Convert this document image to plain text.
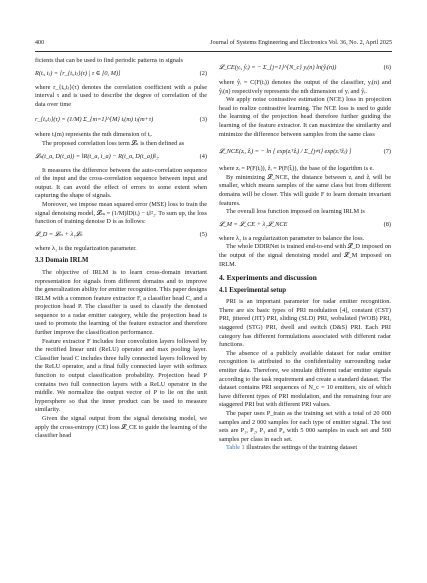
400	Journal of Systems Engineering and Electronics Vol. 36, No. 2, April 2025

ficients that can be used to find periodic patterns in signals

R(tᵢ, tⱼ) = [r_{tᵢ,tⱼ}(τ) | τ ∈ [0, M)]	(2)

where r_{tᵢ,tⱼ}(τ) denotes the correlation coefficient with a pulse interval τ and is used to describe the degree of correlation of the data over time

r_{tᵢ,tⱼ}(τ) = (1/M) Σ_{m=1}^{M} tᵢ(m) tⱼ(m+τ)	(3)

where tᵢ(m) represents the mth dimension of tᵢ.

The proposed correlation loss term 𝓛ₙ is then defined as

𝓛ₙ(t_a, D(t_a)) = ‖R(t_a, t_a) − R(t_a, D(t_a))‖₂.	(4)

It measures the difference between the auto-correlation sequence of the input and the cross-correlation sequence between input and output. It can avoid the effect of errors to some extent when capturing the shape of signals.

Moreover, we impose mean squared error (MSE) loss to train the signal denoising model, 𝓛ₘ = (1/M)‖D(tᵢ) − tᵢ‖²₂. To sum up, the loss function of training denoise D is as follows:

𝓛_D = 𝓛ₘ + λ₁𝓛ₙ	(5)

where λ₁ is the regularization parameter.

3.3 Domain IRLM

The objective of IRLM is to learn cross-domain invariant representation for signals from different domains and to improve the generalization ability for emitter recognition. This paper designs IRLM with a common feature extractor F, a classifier head C, and a projection head P. The classifier is used to classify the denoised sequence to a radar emitter category, while the projection head is used to promote the learning of the feature extractor and therefore further improve the classification performance.

Feature extractor F includes four convolution layers followed by the rectified linear unit (ReLU) operator and max pooling layer. Classifier head C includes three fully connected layers followed by the ReLU operator, and a final fully connected layer with softmax function to output classification probability. Projection head P contains two full connection layers with a ReLU operator in the middle. We normalize the output vector of P to lie on the unit hypersphere so that the inner product can be used to measure similarity.

Given the signal output from the signal denoising model, we apply the cross-entropy (CE) loss 𝓛_CE to guide the learning of the classifier head

𝓛_CE(yᵢ, ŷᵢ) = − Σ_{j=1}^{N_c} yᵢ(n) ln(ŷᵢ(n))	(6)

where ŷᵢ = C(F(tᵢ)) denotes the output of the classifier, yᵢ(n) and ŷᵢ(n) respectively represents the nth dimension of yᵢ and ŷᵢ.

We apply noise contrastive estimation (NCE) loss in projection head to realize contrastive learning. The NCE loss is used to guide the learning of the projection head therefore further guiding the learning of the feature extractor. It can maximize the similarity and minimize the difference between samples from the same class

𝓛_NCE(zᵢ, ẑᵢ) = − ln [ exp(zᵢᵀẑᵢ) / Σ_{j≠i} exp(zᵢᵀẑⱼ) ]	(7)

where zᵢ = P(F(tᵢ)), ẑᵢ = P(F(t̂ᵢ)), the base of the logarithm is e.

By minimizing 𝓛_NCE, the distance between zᵢ and ẑᵢ will be smaller, which means samples of the same class but from different domains will be closer. This will guide F to learn domain invariant features.

The overall loss function imposed on learning IRLM is

𝓛_M = 𝓛_CE + λ₂𝓛_NCE	(8)

where λ₂ is a regularization parameter to balance the loss.

The whole DDIRNet is trained end-to-end with 𝓛_D imposed on the output of the signal denoising model and 𝓛_M imposed on IRLM.

4. Experiments and discussion
4.1 Experimental setup

PRI is an important parameter for radar emitter recognition. There are six basic types of PRI modulation [4], constant (CST) PRI, jittered (JIT) PRI, sliding (SLD) PRI, wobulated (WOB) PRI, staggered (STG) PRI, dwell and switch (D&S) PRI. Each PRI category has different formulations associated with different radar functions.

The absence of a publicly available dataset for radar emitter recognition is attributed to the confidentiality surrounding radar emitter data. Therefore, we simulate different radar emitter signals according to the task requirement and create a standard dataset. The dataset contains PRI sequences of N_c = 10 emitters, six of which have different types of PRI modulation, and the remaining four are staggered PRI but with different PRI values.

The paper uses P_train as the training set with a total of 20 000 samples and 2 000 samples for each type of emitter signal. The test sets are P₁, P₂, P₃ and P₄ with 5 000 samples in each set and 500 samples per class in each set.

Table 1 illustrates the settings of the training dataset
